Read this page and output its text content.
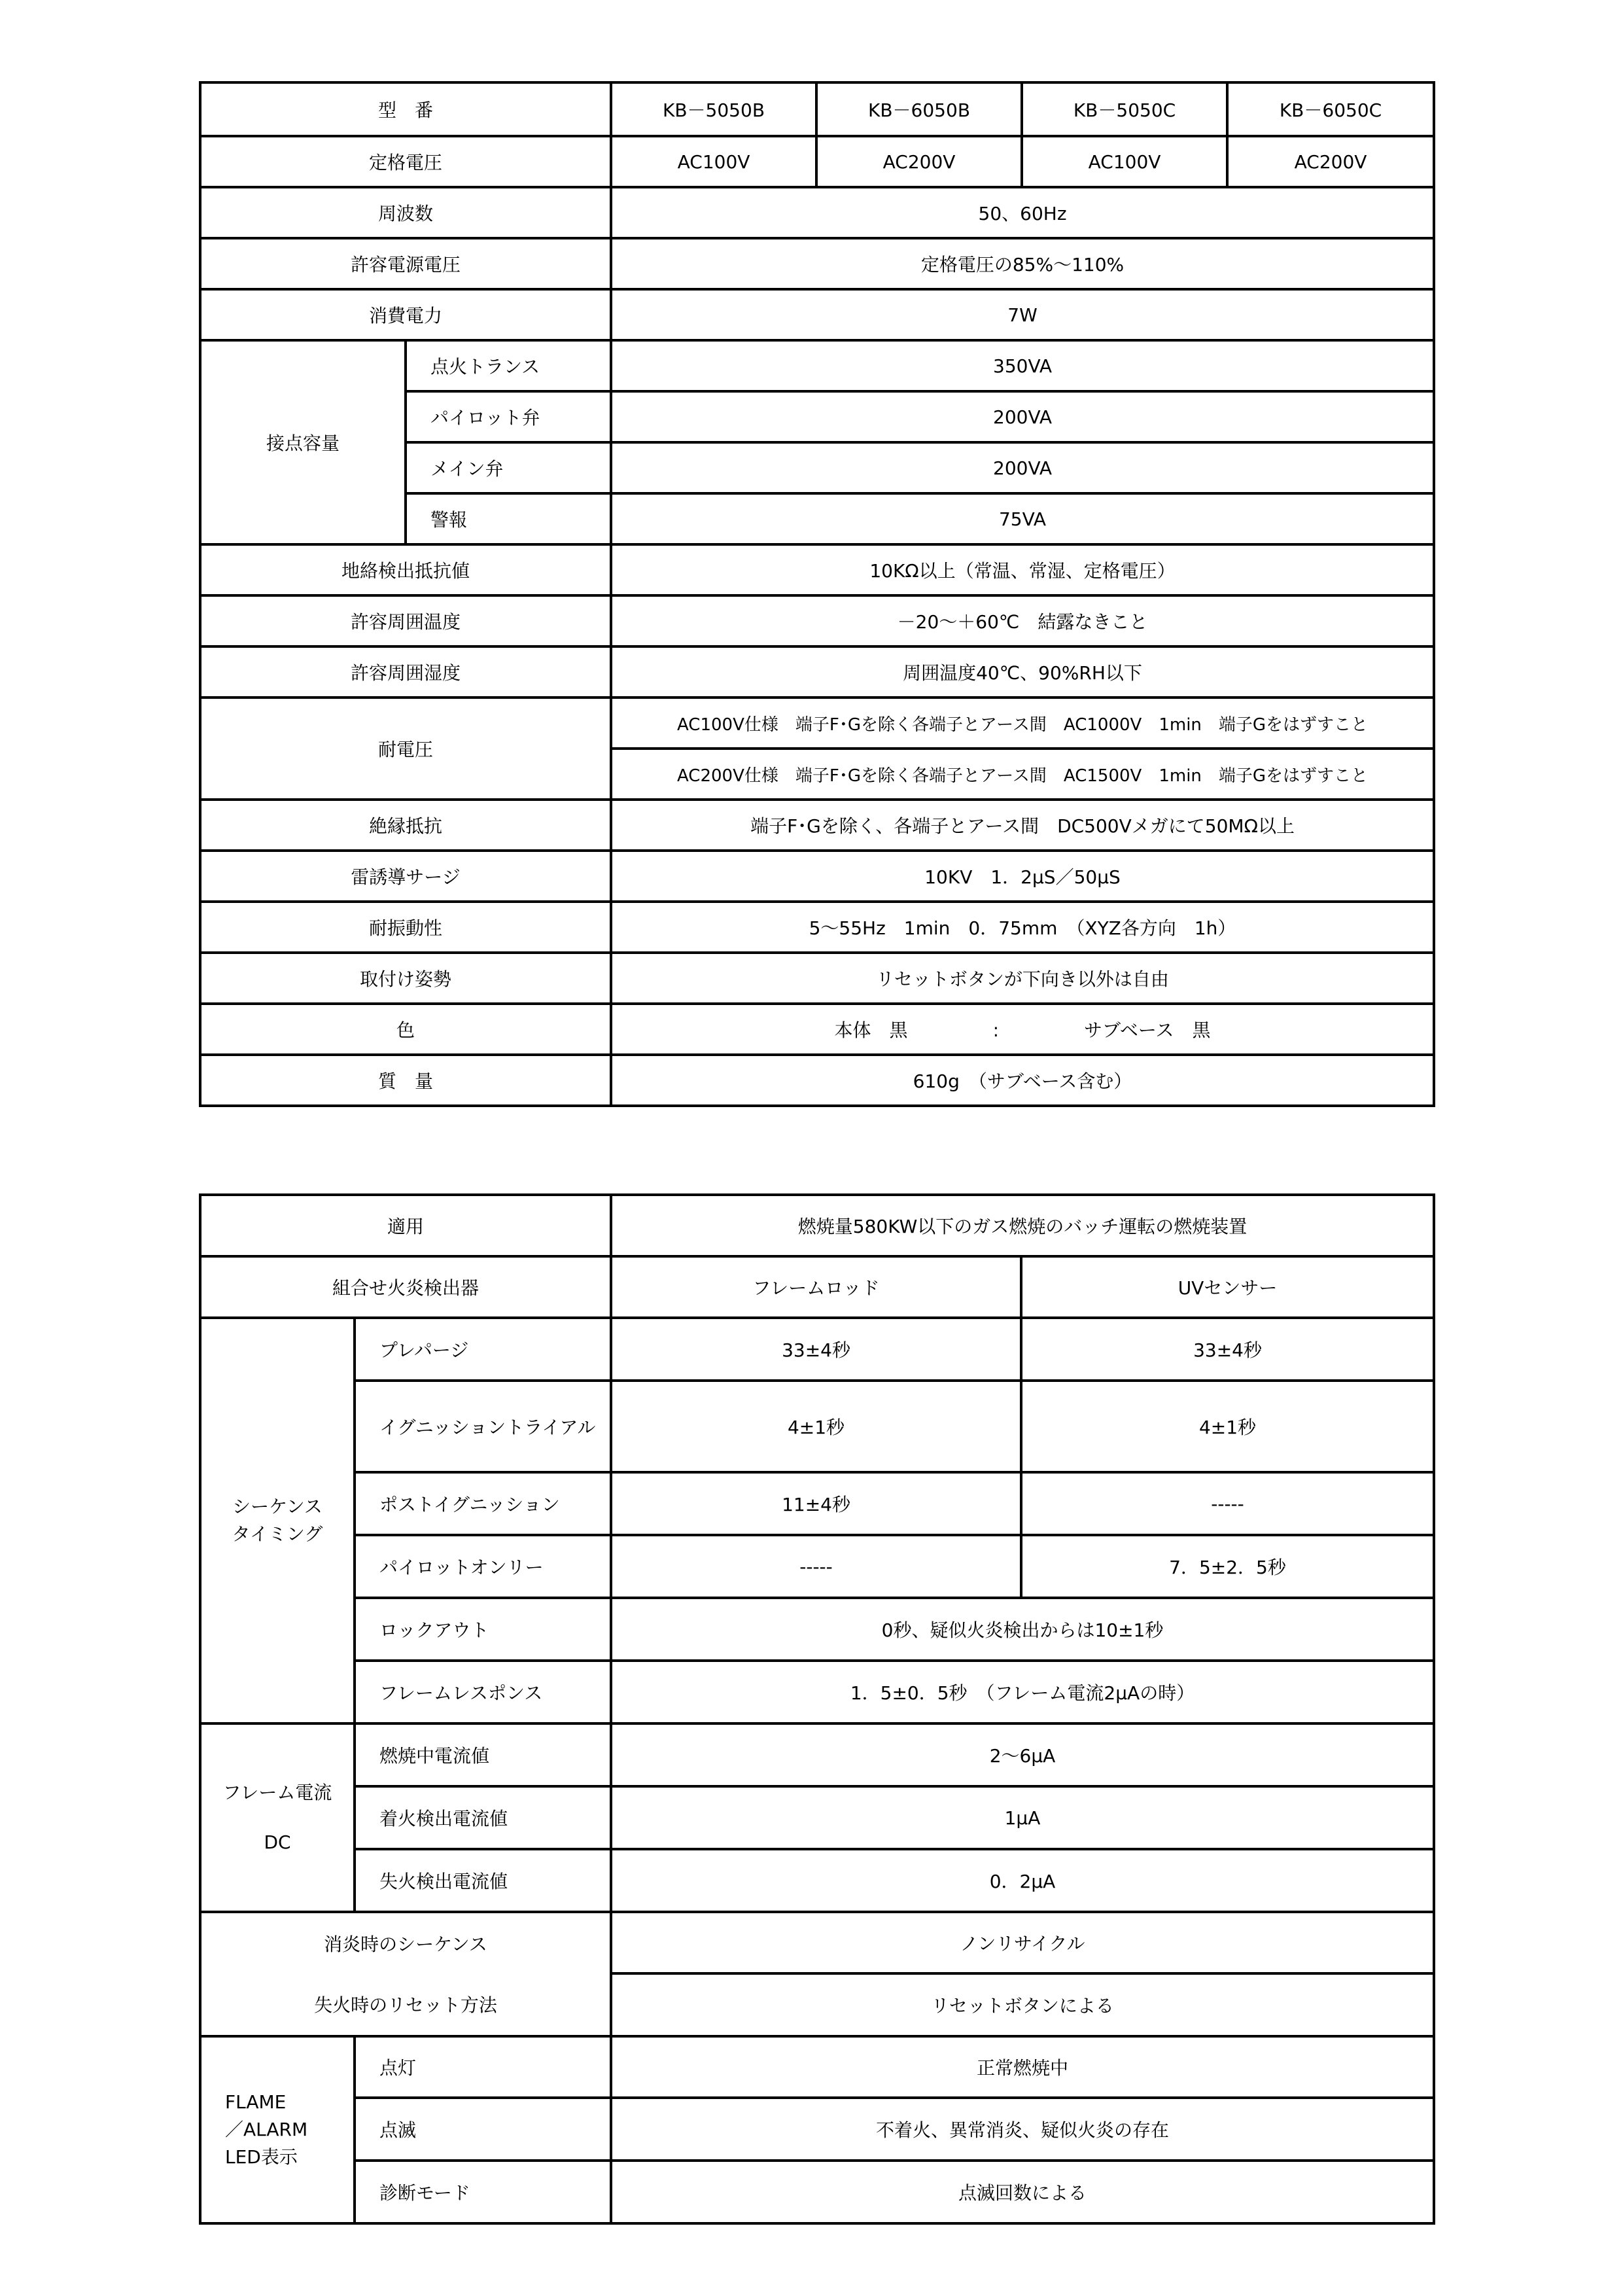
型　番		KB－5050B	KB－6050B	KB－5050C	KB－6050C
定格電圧		AC100V	AC200V	AC100V	AC200V
周波数		50、60Hz			
許容電源電圧		定格電圧の85%～110%			
消費電力		7W			
接点容量	点火トランス	350VA			
	パイロット弁	200VA			
	メイン弁	200VA			
	警報	75VA			
地絡検出抵抗値		10KΩ以上（常温、常湿、定格電圧）			
許容周囲温度		－20～＋60℃　結露なきこと			
許容周囲湿度		周囲温度40℃、90%RH以下			
耐電圧		AC100V仕様　端子F･Gを除く各端子とアース間　AC1000V　1min　端子Gをはずすこと			
		AC200V仕様　端子F･Gを除く各端子とアース間　AC1500V　1min　端子Gをはずすこと			
絶縁抵抗		端子F･Gを除く、各端子とアース間　DC500Vメガにて50MΩ以上			
雷誘導サージ		10KV　1．2μS／50μS			
耐振動性		5～55Hz　1min　0．75mm　（XYZ各方向　1h）			
取付け姿勢		リセットボタンが下向き以外は自由			
色		本体　黒 : サブベース　黒			
質　量		610g　（サブベース含む）			
適用		燃焼量580KW以下のガス燃焼のバッチ運転の燃焼装置	
組合せ火炎検出器		フレームロッド	UVセンサー
シーケンス
タイミング	プレパージ	33±4秒	33±4秒
	イグニッショントライアル	4±1秒	4±1秒
	ポストイグニッション	11±4秒	-----
	パイロットオンリー	-----	7．5±2．5秒
	ロックアウト	0秒、疑似火炎検出からは10±1秒	
	フレームレスポンス	1．5±0．5秒　（フレーム電流2μAの時）	

フレーム電流
DC	燃焼中電流値	2～6μA	
	着火検出電流値	1μA	
	失火検出電流値	0．2μA	
消炎時のシーケンス		ノンリサイクル	
失火時のリセット方法		リセットボタンによる	
FLAME
／ALARM
LED表示	点灯	正常燃焼中	
	点滅	不着火、異常消炎、疑似火炎の存在	
	診断モード	点滅回数による	
